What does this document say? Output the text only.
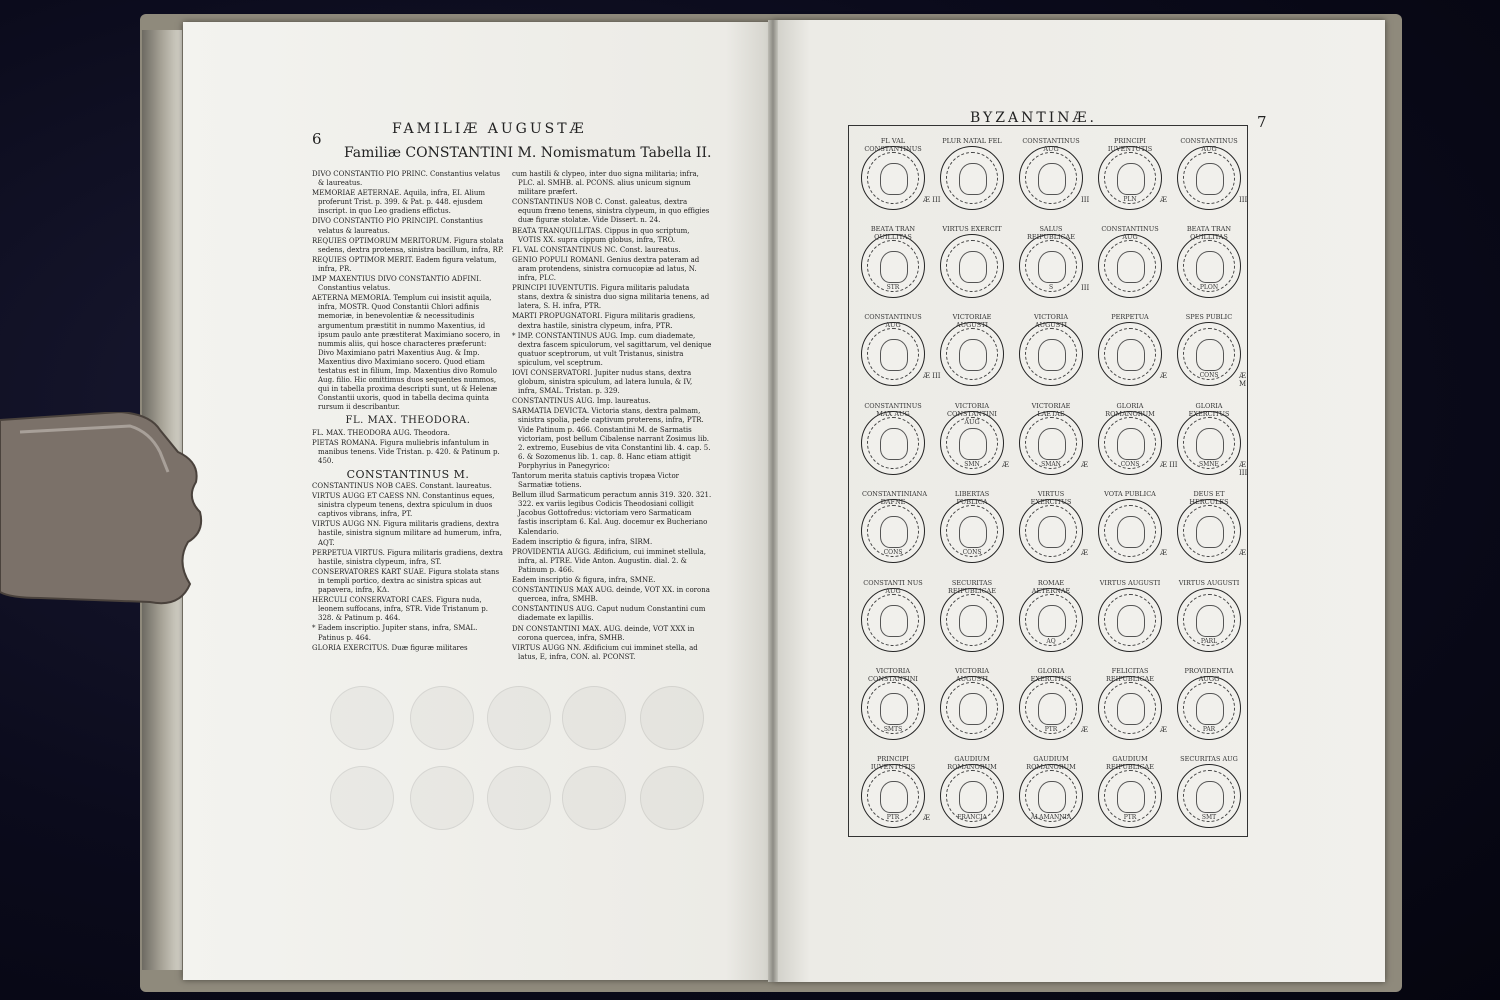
6
FAMILIÆ AUGUSTÆ
Familiæ CONSTANTINI M. Nomismatum Tabella II.

DIVO CONSTANTIO PIO PRINC. Constantius velatus & laureatus.

MEMORIAE AETERNAE. Aquila, infra, EI. Alium proferunt Trist. p. 399. & Pat. p. 448. ejusdem inscript. in quo Leo gradiens effictus.

DIVO CONSTANTIO PIO PRINCIPI. Constantius velatus & laureatus.

REQUIES OPTIMORUM MERITORUM. Figura stolata sedens, dextra protensa, sinistra bacillum, infra, RP.

REQUIES OPTIMOR MERIT. Eadem figura velatum, infra, PR.

IMP MAXENTIUS DIVO CONSTANTIO ADFINI. Constantius velatus.

AETERNA MEMORIA. Templum cui insistit aquila, infra, MOSTR. Quod Constantii Chlori adfinis memoriæ, in benevolentiæ & necessitudinis argumentum præstitit in nummo Maxentius, id ipsum paulo ante præstiterat Maximiano socero, in nummis aliis, qui hosce characteres præferunt: Divo Maximiano patri Maxentius Aug. & Imp. Maxentius divo Maximiano socero. Quod etiam testatus est in filium, Imp. Maxentius divo Romulo Aug. filio. Hic omittimus duos sequentes nummos, qui in tabella proxima descripti sunt, ut & Helenæ Constantii uxoris, quod in tabella decima quinta rursum ii describantur.

FL. MAX. THEODORA.

FL. MAX. THEODORA AUG. Theodora.

PIETAS ROMANA. Figura muliebris infantulum in manibus tenens. Vide Tristan. p. 420. & Patinum p. 450.

CONSTANTINUS M.

CONSTANTINUS NOB CAES. Constant. laureatus.

VIRTUS AUGG ET CAESS NN. Constantinus eques, sinistra clypeum tenens, dextra spiculum in duos captivos vibrans, infra, PT.

VIRTUS AUGG NN. Figura militaris gradiens, dextra hastile, sinistra signum militare ad humerum, infra, AQT.

PERPETUA VIRTUS. Figura militaris gradiens, dextra hastile, sinistra clypeum, infra, ST.

CONSERVATORES KART SUAE. Figura stolata stans in templi portico, dextra ac sinistra spicas aut papavera, infra, KΔ.

HERCULI CONSERVATORI CAES. Figura nuda, leonem suffocans, infra, STR. Vide Tristanum p. 328. & Patinum p. 464.

* Eadem inscriptio. Jupiter stans, infra, SMAL. Patinus p. 464.

GLORIA EXERCITUS. Duæ figuræ militares

cum hastili & clypeo, inter duo signa militaria; infra, PLC. al. SMHB. al. PCONS. alius unicum signum militare præfert.

CONSTANTINUS NOB C. Const. galeatus, dextra equum fræno tenens, sinistra clypeum, in quo effigies duæ figuræ stolatæ. Vide Dissert. n. 24.

BEATA TRANQUILLITAS. Cippus in quo scriptum, VOTIS XX. supra cippum globus, infra, TRO.

FL VAL CONSTANTINUS NC. Const. laureatus.

GENIO POPULI ROMANI. Genius dextra pateram ad aram protendens, sinistra cornucopiæ ad latus, N. infra, PLC.

PRINCIPI IUVENTUTIS. Figura militaris paludata stans, dextra & sinistra duo signa militaria tenens, ad latera, S. H. infra, PTR.

MARTI PROPUGNATORI. Figura militaris gradiens, dextra hastile, sinistra clypeum, infra, PTR.

* IMP. CONSTANTINUS AUG. Imp. cum diademate, dextra fascem spiculorum, vel sagittarum, vel denique quatuor sceptrorum, ut vult Tristanus, sinistra spiculum, vel sceptrum.

IOVI CONSERVATORI. Jupiter nudus stans, dextra globum, sinistra spiculum, ad latera lunula, & IV, infra, SMAL. Tristan. p. 329.

CONSTANTINUS AUG. Imp. laureatus.

SARMATIA DEVICTA. Victoria stans, dextra palmam, sinistra spolia, pede captivum proterens, infra, PTR. Vide Patinum p. 466. Constantini M. de Sarmatis victoriam, post bellum Cibalense narrant Zosimus lib. 2. extremo, Eusebius de vita Constantini lib. 4. cap. 5. 6. & Sozomenus lib. 1. cap. 8. Hanc etiam attigit Porphyrius in Panegyrico:

Tantorum merita statuis captivis tropæa Victor Sarmatiæ totiens.

Bellum illud Sarmaticum peractum annis 319. 320. 321. 322. ex variis legibus Codicis Theodosiani colligit Jacobus Gottofredus: victoriam vero Sarmaticam fastis inscriptam 6. Kal. Aug. docemur ex Bucheriano Kalendario.

Eadem inscriptio & figura, infra, SIRM.

PROVIDENTIA AUGG. Ædificium, cui imminet stellula, infra, al. PTRE. Vide Anton. Augustin. dial. 2. & Patinum p. 466.

Eadem inscriptio & figura, infra, SMNE.

CONSTANTINUS MAX AUG. deinde, VOT XX. in corona quercea, infra, SMHB.

CONSTANTINUS AUG. Caput nudum Constantini cum diademate ex lapillis.

DN CONSTANTINI MAX. AUG. deinde, VOT XXX in corona quercea, infra, SMHB.

VIRTUS AUGG NN. Ædificium cui imminet stella, ad latus, E, infra, CON. al. PCONST.

BYZANTINÆ.	7
FL VAL CONSTANTINUS
Æ III
PLUR NATAL FEL	CONSTANTINUS AUG
III
PRINCIPI IUVENTUTIS
PLN	Æ
CONSTANTINUS AUG
III
BEATA TRAN QUILLITAS
STR
VIRTUS EXERCIT	SALUS REIPUBLICAE
S	III
CONSTANTINUS AUG
BEATA TRAN QUILLITAS
PLON
CONSTANTINUS AUG
Æ III
VICTORIAE AUGUSTI
VICTORIA AUGUSTI
PERPETUA
Æ
SPES PUBLIC
CONS	Æ M
CONSTANTINUS MAX AUG
VICTORIA CONSTANTINI AUG
SMN	Æ
VICTORIAE LAETAE
SMAN	Æ
GLORIA ROMANORUM
CONS	Æ III
GLORIA EXERCITUS
SMNE	Æ III
CONSTANTINIANA DAFNE
CONS
LIBERTAS PUBLICA
CONS
VIRTUS EXERCITUS
Æ
VOTA PUBLICA
Æ
DEUS ET HERCULES
Æ
CONSTANTI NUS AUG
SECURITAS REIPUBLICAE
ROMAE AETERNAE
AQ
VIRTUS AUGUSTI	VIRTUS AUGUSTI
PARL
VICTORIA CONSTANTINI
SMTS
VICTORIA AUGUSTI
GLORIA EXERCITUS
PTR	Æ
FELICITAS REIPUBLICAE
Æ
PROVIDENTIA AUGG
PAR
PRINCIPI IUVENTUTIS
PTR	Æ
GAUDIUM ROMANORUM
FRANCIA
GAUDIUM ROMANORUM
ALAMANNIA
GAUDIUM REIPUBLICAE
PTR
SECURITAS AUG
SMT
